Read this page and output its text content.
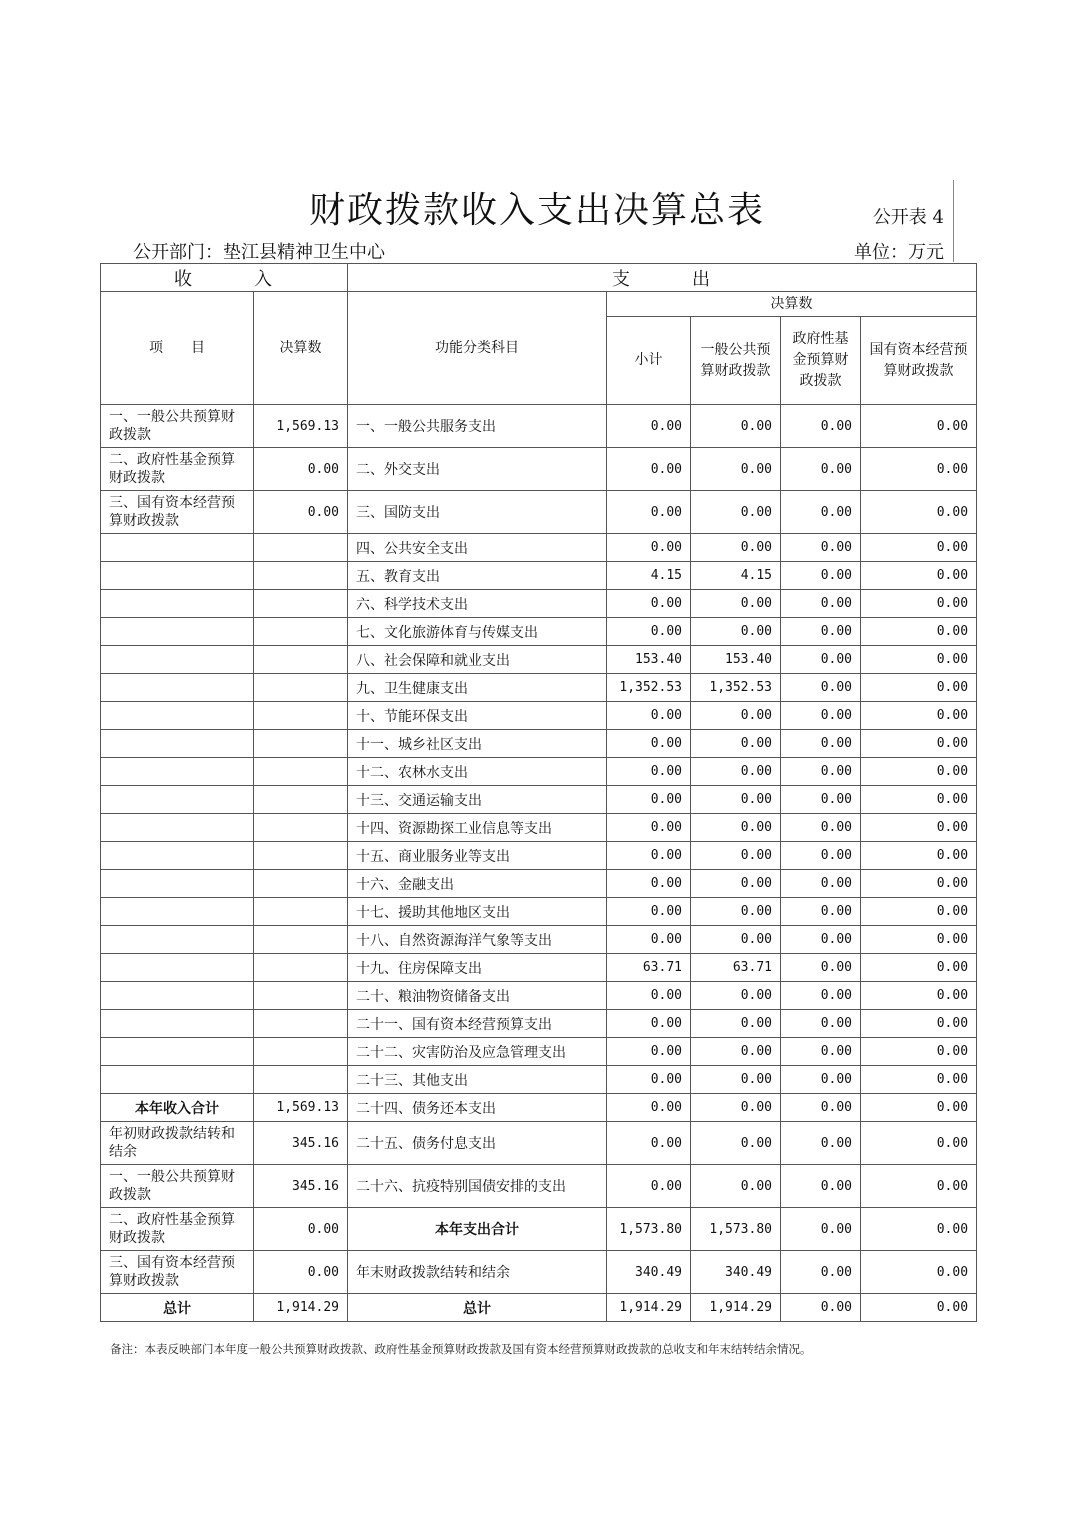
财政拨款收入支出决算总表	公开表 4
公开部门：垫江县精神卫生中心	单位：万元
收　　　入		支　　　出				
项　　目	决算数	功能分类科目	决算数			
			小计	一般公共预算财政拨款	政府性基金预算财政拨款	国有资本经营预算财政拨款
一、一般公共预算财政拨款	1,569.13	一、一般公共服务支出	0.00	0.00	0.00	0.00
二、政府性基金预算财政拨款	0.00	二、外交支出	0.00	0.00	0.00	0.00
三、国有资本经营预算财政拨款	0.00	三、国防支出	0.00	0.00	0.00	0.00
		四、公共安全支出	0.00	0.00	0.00	0.00
		五、教育支出	4.15	4.15	0.00	0.00
		六、科学技术支出	0.00	0.00	0.00	0.00
		七、文化旅游体育与传媒支出	0.00	0.00	0.00	0.00
		八、社会保障和就业支出	153.40	153.40	0.00	0.00
		九、卫生健康支出	1,352.53	1,352.53	0.00	0.00
		十、节能环保支出	0.00	0.00	0.00	0.00
		十一、城乡社区支出	0.00	0.00	0.00	0.00
		十二、农林水支出	0.00	0.00	0.00	0.00
		十三、交通运输支出	0.00	0.00	0.00	0.00
		十四、资源勘探工业信息等支出	0.00	0.00	0.00	0.00
		十五、商业服务业等支出	0.00	0.00	0.00	0.00
		十六、金融支出	0.00	0.00	0.00	0.00
		十七、援助其他地区支出	0.00	0.00	0.00	0.00
		十八、自然资源海洋气象等支出	0.00	0.00	0.00	0.00
		十九、住房保障支出	63.71	63.71	0.00	0.00
		二十、粮油物资储备支出	0.00	0.00	0.00	0.00
		二十一、国有资本经营预算支出	0.00	0.00	0.00	0.00
		二十二、灾害防治及应急管理支出	0.00	0.00	0.00	0.00
		二十三、其他支出	0.00	0.00	0.00	0.00
本年收入合计	1,569.13	二十四、债务还本支出	0.00	0.00	0.00	0.00
年初财政拨款结转和结余	345.16	二十五、债务付息支出	0.00	0.00	0.00	0.00
一、一般公共预算财政拨款	345.16	二十六、抗疫特别国债安排的支出	0.00	0.00	0.00	0.00
二、政府性基金预算财政拨款	0.00	本年支出合计	1,573.80	1,573.80	0.00	0.00
三、国有资本经营预算财政拨款	0.00	年末财政拨款结转和结余	340.49	340.49	0.00	0.00
总计	1,914.29	总计	1,914.29	1,914.29	0.00	0.00
备注：本表反映部门本年度一般公共预算财政拨款、政府性基金预算财政拨款及国有资本经营预算财政拨款的总收支和年末结转结余情况。
